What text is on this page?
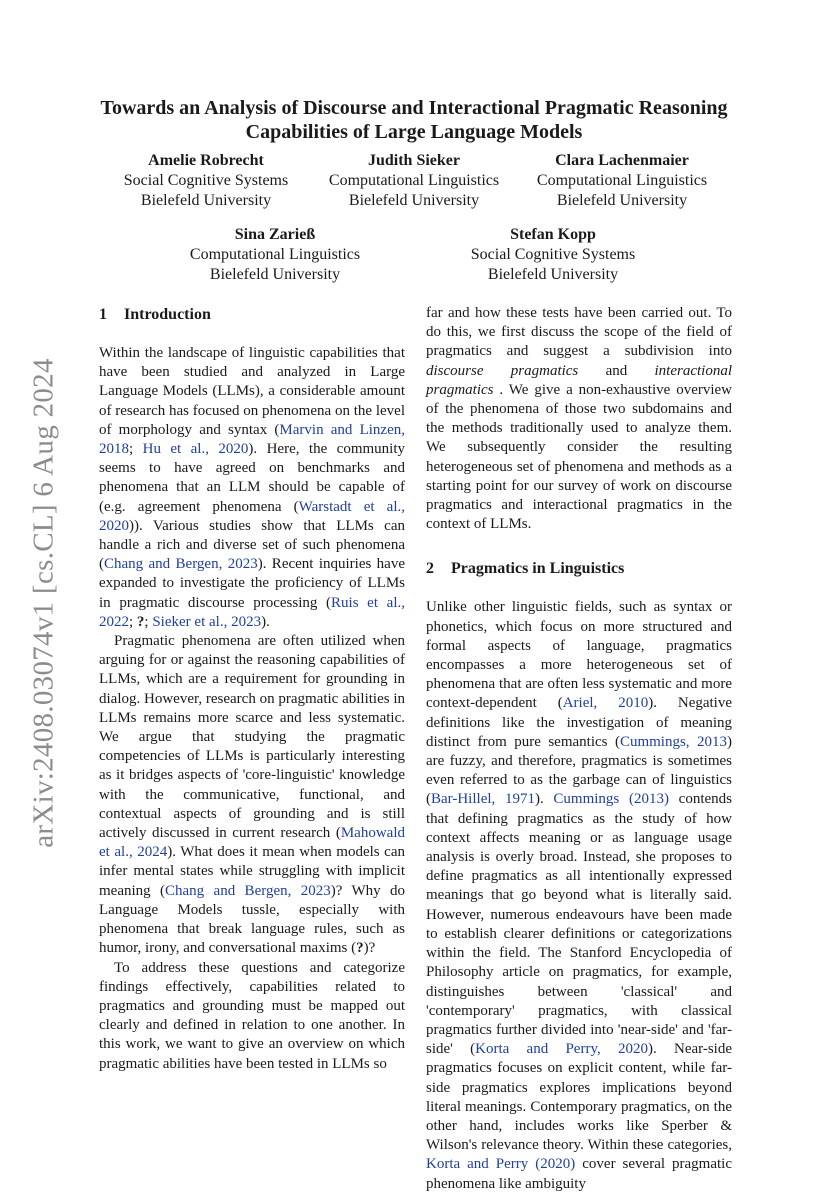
arXiv:2408.03074v1 [cs.CL] 6 Aug 2024
Towards an Analysis of Discourse and Interactional Pragmatic Reasoning
Capabilities of Large Language Models
Amelie Robrecht
Social Cognitive Systems
Bielefeld University
Judith Sieker
Computational Linguistics
Bielefeld University
Clara Lachenmaier
Computational Linguistics
Bielefeld University
Sina Zarieß
Computational Linguistics
Bielefeld University
Stefan Kopp
Social Cognitive Systems
Bielefeld University
1 Introduction

Within the landscape of linguistic capabilities that have been studied and analyzed in Large Language Models (LLMs), a considerable amount of research has focused on phenomena on the level of morphology and syntax (Marvin and Linzen, 2018; Hu et al., 2020). Here, the community seems to have agreed on benchmarks and phenomena that an LLM should be capable of (e.g. agreement phenomena (Warstadt et al., 2020)). Various studies show that LLMs can handle a rich and diverse set of such phenomena (Chang and Bergen, 2023). Recent inquiries have expanded to investigate the proficiency of LLMs in pragmatic discourse processing (Ruis et al., 2022; ?; Sieker et al., 2023).

Pragmatic phenomena are often utilized when arguing for or against the reasoning capabilities of LLMs, which are a requirement for grounding in dialog. However, research on pragmatic abilities in LLMs remains more scarce and less systematic. We argue that studying the pragmatic competencies of LLMs is particularly interesting as it bridges aspects of 'core-linguistic' knowledge with the communicative, functional, and contextual aspects of grounding and is still actively discussed in current research (Mahowald et al., 2024). What does it mean when models can infer mental states while struggling with implicit meaning (Chang and Bergen, 2023)? Why do Language Models tussle, especially with phenomena that break language rules, such as humor, irony, and conversational maxims (?)?

To address these questions and categorize findings effectively, capabilities related to pragmatics and grounding must be mapped out clearly and defined in relation to one another. In this work, we want to give an overview on which pragmatic abilities have been tested in LLMs so

far and how these tests have been carried out. To do this, we first discuss the scope of the field of pragmatics and suggest a subdivision into discourse pragmatics and interactional pragmatics . We give a non-exhaustive overview of the phenomena of those two subdomains and the methods traditionally used to analyze them. We subsequently consider the resulting heterogeneous set of phenomena and methods as a starting point for our survey of work on discourse pragmatics and interactional pragmatics in the context of LLMs.

2 Pragmatics in Linguistics

Unlike other linguistic fields, such as syntax or phonetics, which focus on more structured and formal aspects of language, pragmatics encompasses a more heterogeneous set of phenomena that are often less systematic and more context-dependent (Ariel, 2010). Negative definitions like the investigation of meaning distinct from pure semantics (Cummings, 2013) are fuzzy, and therefore, pragmatics is sometimes even referred to as the garbage can of linguistics (Bar-Hillel, 1971). Cummings (2013) contends that defining pragmatics as the study of how context affects meaning or as language usage analysis is overly broad. Instead, she proposes to define pragmatics as all intentionally expressed meanings that go beyond what is literally said. However, numerous endeavours have been made to establish clearer definitions or categorizations within the field. The Stanford Encyclopedia of Philosophy article on pragmatics, for example, distinguishes between 'classical' and 'contemporary' pragmatics, with classical pragmatics further divided into 'near-side' and 'far-side' (Korta and Perry, 2020). Near-side pragmatics focuses on explicit content, while far-side pragmatics explores implications beyond literal meanings. Contemporary pragmatics, on the other hand, includes works like Sperber & Wilson's relevance theory. Within these categories, Korta and Perry (2020) cover several pragmatic phenomena like ambiguity
